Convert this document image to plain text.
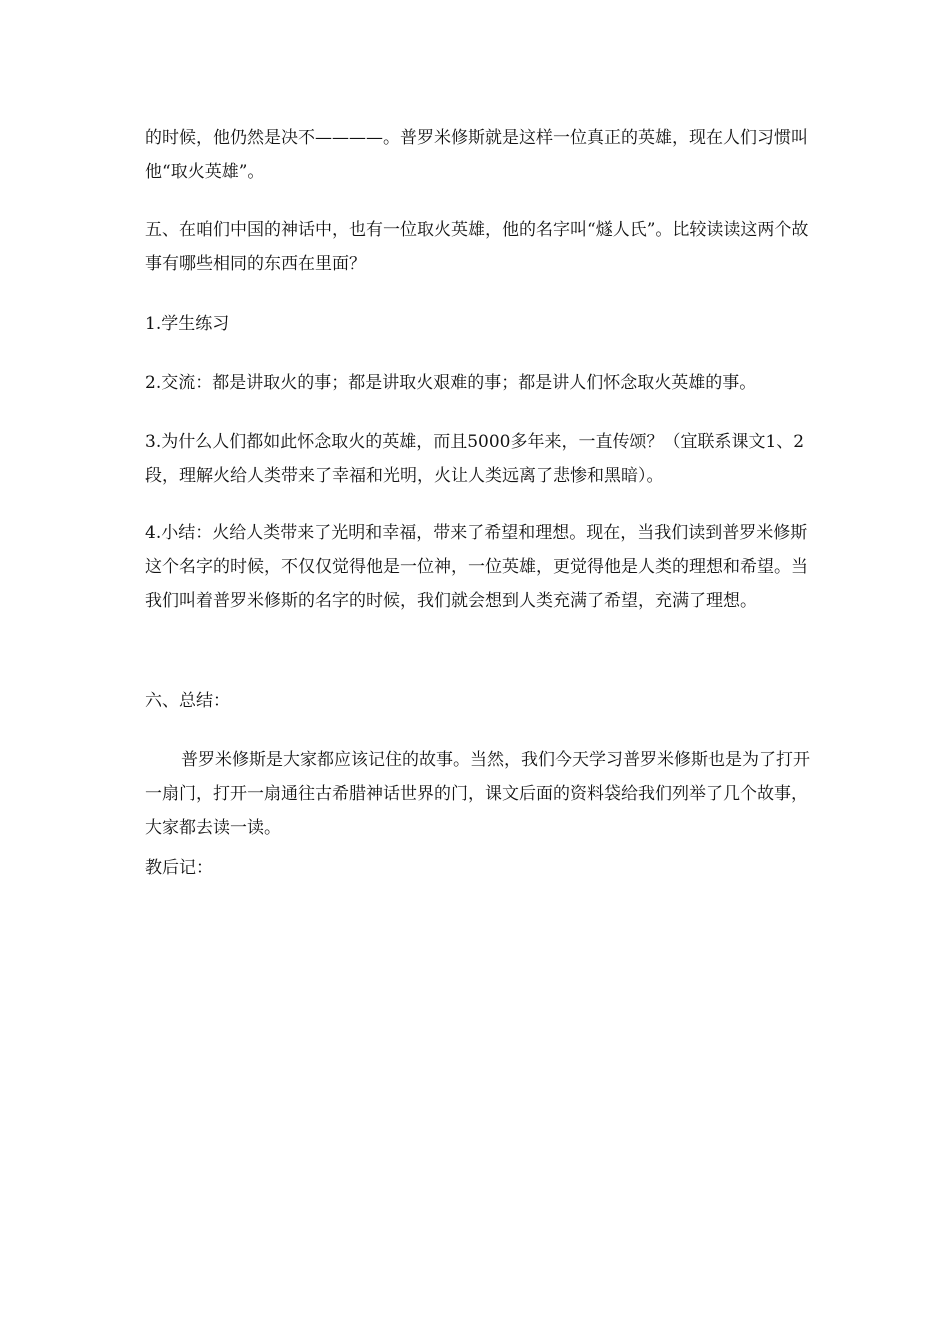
的时候，他仍然是决不————。普罗米修斯就是这样一位真正的英雄，现在人们习惯叫他“取火英雄”。

五、在咱们中国的神话中，也有一位取火英雄，他的名字叫“燧人氏”。比较读读这两个故事有哪些相同的东西在里面？

1.学生练习

2.交流：都是讲取火的事；都是讲取火艰难的事；都是讲人们怀念取火英雄的事。

3.为什么人们都如此怀念取火的英雄，而且5000多年来，一直传颂？（宜联系课文1、2段，理解火给人类带来了幸福和光明，火让人类远离了悲惨和黑暗）。

4.小结：火给人类带来了光明和幸福，带来了希望和理想。现在，当我们读到普罗米修斯这个名字的时候，不仅仅觉得他是一位神，一位英雄，更觉得他是人类的理想和希望。当我们叫着普罗米修斯的名字的时候，我们就会想到人类充满了希望，充满了理想。

六、总结：

普罗米修斯是大家都应该记住的故事。当然，我们今天学习普罗米修斯也是为了打开一扇门，打开一扇通往古希腊神话世界的门，课文后面的资料袋给我们列举了几个故事，大家都去读一读。

教后记：
